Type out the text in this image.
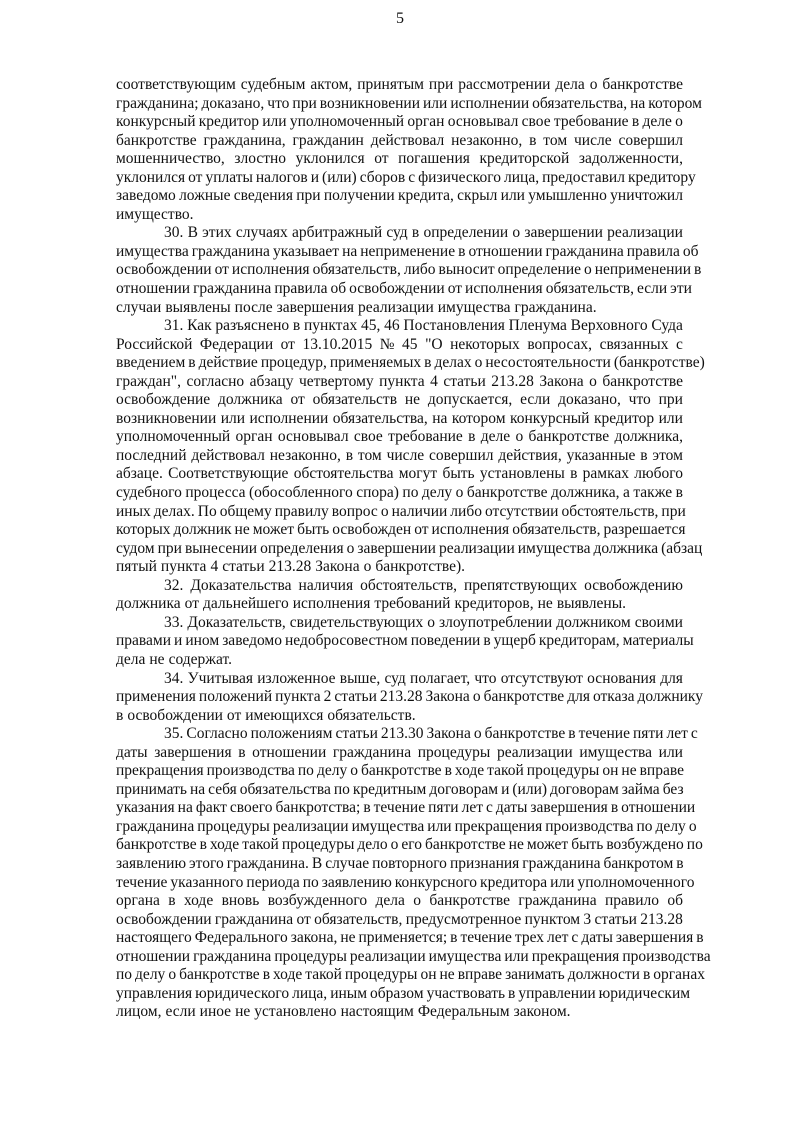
5
соответствующим судебным актом, принятым при рассмотрении дела о банкротстве
гражданина; доказано, что при возникновении или исполнении обязательства, на котором
конкурсный кредитор или уполномоченный орган основывал свое требование в деле о
банкротстве гражданина, гражданин действовал незаконно, в том числе совершил
мошенничество, злостно уклонился от погашения кредиторской задолженности,
уклонился от уплаты налогов и (или) сборов с физического лица, предоставил кредитору
заведомо ложные сведения при получении кредита, скрыл или умышленно уничтожил
имущество.
30. В этих случаях арбитражный суд в определении о завершении реализации
имущества гражданина указывает на неприменение в отношении гражданина правила об
освобождении от исполнения обязательств, либо выносит определение о неприменении в
отношении гражданина правила об освобождении от исполнения обязательств, если эти
случаи выявлены после завершения реализации имущества гражданина.
31. Как разъяснено в пунктах 45, 46 Постановления Пленума Верховного Суда
Российской Федерации от 13.10.2015 № 45 "О некоторых вопросах, связанных с
введением в действие процедур, применяемых в делах о несостоятельности (банкротстве)
граждан", согласно абзацу четвертому пункта 4 статьи 213.28 Закона о банкротстве
освобождение должника от обязательств не допускается, если доказано, что при
возникновении или исполнении обязательства, на котором конкурсный кредитор или
уполномоченный орган основывал свое требование в деле о банкротстве должника,
последний действовал незаконно, в том числе совершил действия, указанные в этом
абзаце. Соответствующие обстоятельства могут быть установлены в рамках любого
судебного процесса (обособленного спора) по делу о банкротстве должника, а также в
иных делах. По общему правилу вопрос о наличии либо отсутствии обстоятельств, при
которых должник не может быть освобожден от исполнения обязательств, разрешается
судом при вынесении определения о завершении реализации имущества должника (абзац
пятый пункта 4 статьи 213.28 Закона о банкротстве).
32. Доказательства наличия обстоятельств, препятствующих освобождению
должника от дальнейшего исполнения требований кредиторов, не выявлены.
33. Доказательств, свидетельствующих о злоупотреблении должником своими
правами и ином заведомо недобросовестном поведении в ущерб кредиторам, материалы
дела не содержат.
34. Учитывая изложенное выше, суд полагает, что отсутствуют основания для
применения положений пункта 2 статьи 213.28 Закона о банкротстве для отказа должнику
в освобождении от имеющихся обязательств.
35. Согласно положениям статьи 213.30 Закона о банкротстве в течение пяти лет с
даты завершения в отношении гражданина процедуры реализации имущества или
прекращения производства по делу о банкротстве в ходе такой процедуры он не вправе
принимать на себя обязательства по кредитным договорам и (или) договорам займа без
указания на факт своего банкротства; в течение пяти лет с даты завершения в отношении
гражданина процедуры реализации имущества или прекращения производства по делу о
банкротстве в ходе такой процедуры дело о его банкротстве не может быть возбуждено по
заявлению этого гражданина. В случае повторного признания гражданина банкротом в
течение указанного периода по заявлению конкурсного кредитора или уполномоченного
органа в ходе вновь возбужденного дела о банкротстве гражданина правило об
освобождении гражданина от обязательств, предусмотренное пунктом 3 статьи 213.28
настоящего Федерального закона, не применяется; в течение трех лет с даты завершения в
отношении гражданина процедуры реализации имущества или прекращения производства
по делу о банкротстве в ходе такой процедуры он не вправе занимать должности в органах
управления юридического лица, иным образом участвовать в управлении юридическим
лицом, если иное не установлено настоящим Федеральным законом.
